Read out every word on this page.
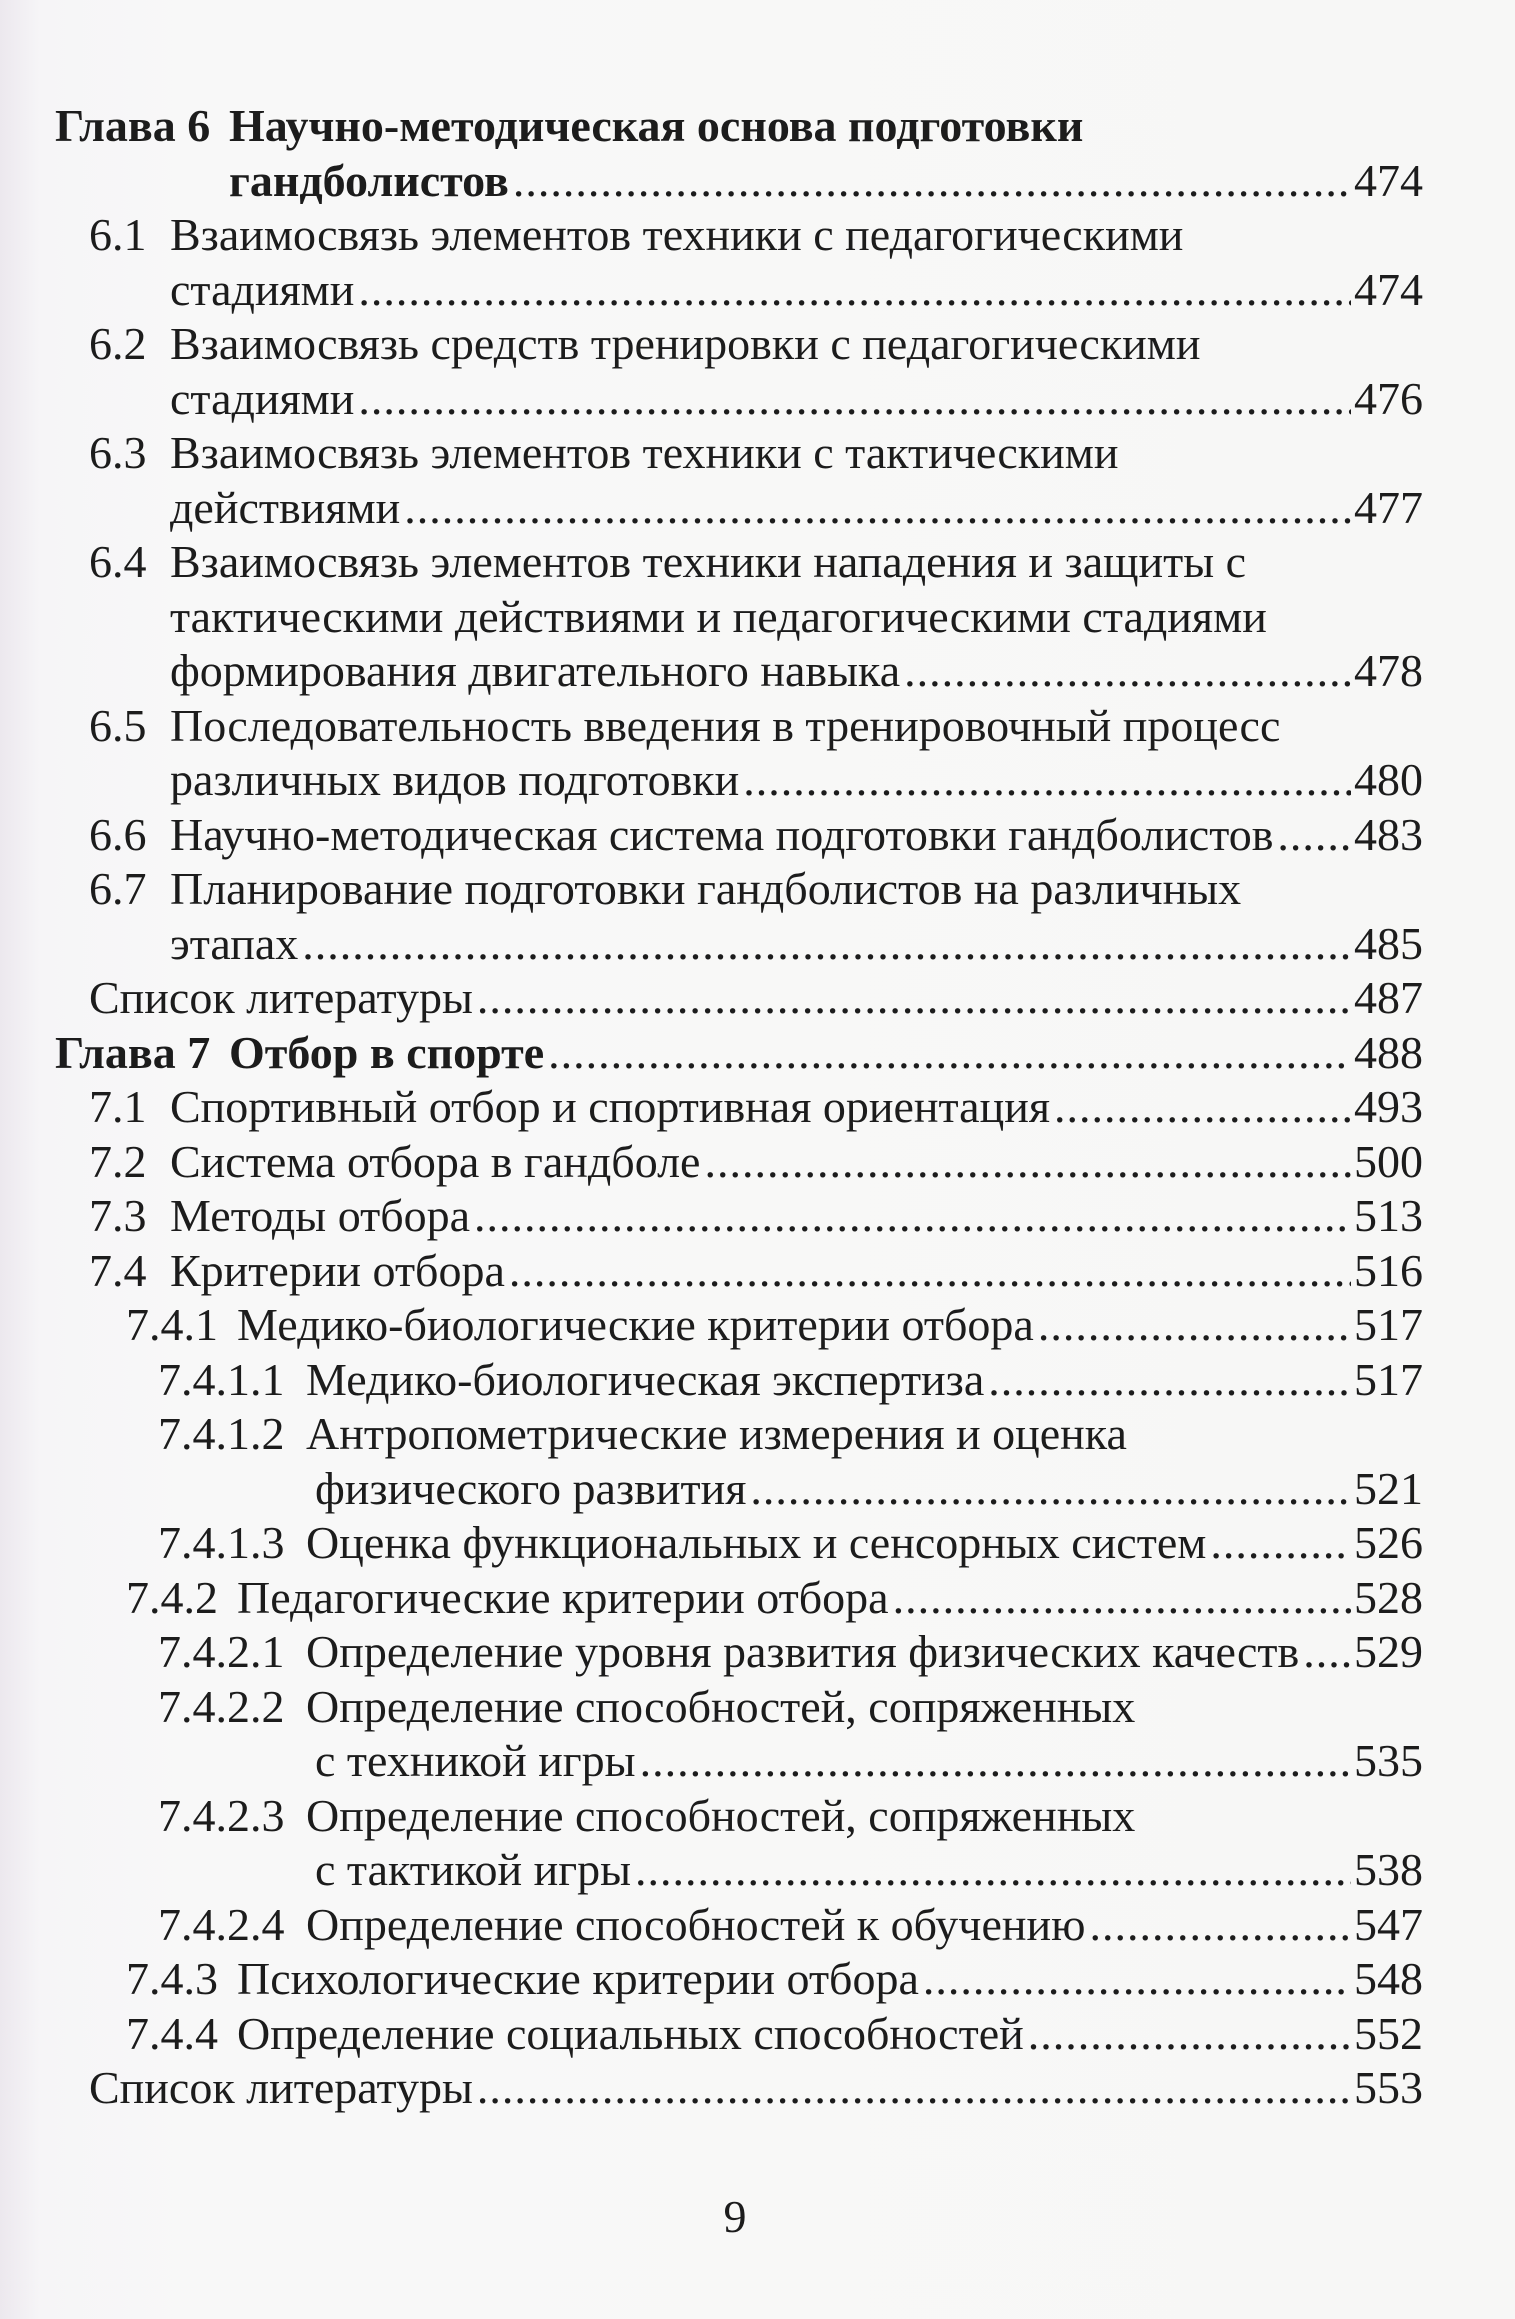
Глава 6 Научно-методическая основа подготовки
гандболистов .....	474
6.1 Взаимосвязь элементов техники с педагогическими
стадиями .....	474
6.2 Взаимосвязь средств тренировки с педагогическими
стадиями .....	476
6.3 Взаимосвязь элементов техники с тактическими
действиями .....	477
6.4 Взаимосвязь элементов техники нападения и защиты с
тактическими действиями и педагогическими стадиями
формирования двигательного навыка .....	478
6.5 Последовательность введения в тренировочный процесс
различных видов подготовки .....	480
6.6 Научно-методическая система подготовки гандболистов ..... 483
6.7 Планирование подготовки гандболистов на различных
этапах .....	485
Список литературы .....	487
Глава 7 Отбор в спорте .....	488
7.1 Спортивный отбор и спортивная ориентация .....	493
7.2 Система отбора в гандболе .....	500
7.3 Методы отбора .....	513
7.4 Критерии отбора .....	516
7.4.1 Медико-биологические критерии отбора .....	517
7.4.1.1 Медико-биологическая экспертиза .....	517
7.4.1.2 Антропометрические измерения и оценка
физического развития .....	521
7.4.1.3 Оценка функциональных и сенсорных систем .....	526
7.4.2 Педагогические критерии отбора .....	528
7.4.2.1 Определение уровня развития физических качеств ..... 529
7.4.2.2 Определение способностей, сопряженных
с техникой игры .....	535
7.4.2.3 Определение способностей, сопряженных
с тактикой игры .....	538
7.4.2.4 Определение способностей к обучению .....	547
7.4.3 Психологические критерии отбора .....	548
7.4.4 Определение социальных способностей .....	552
Список литературы .....	553
9
